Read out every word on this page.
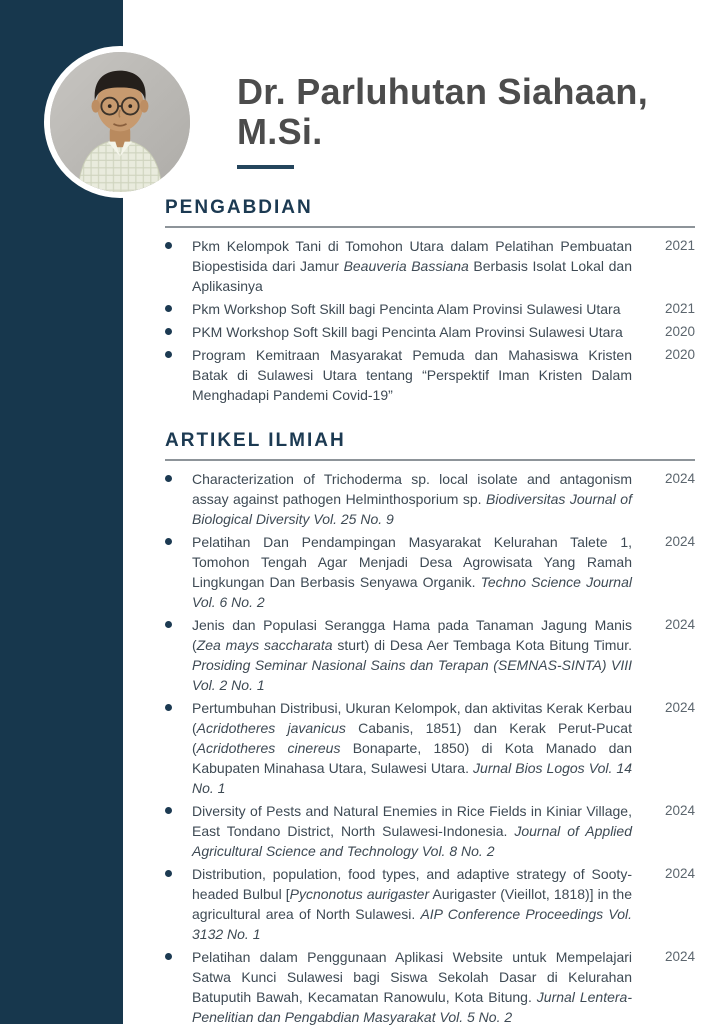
Dr. Parluhutan Siahaan,
M.Si.
PENGABDIAN
Pkm Kelompok Tani di Tomohon Utara dalam Pelatihan Pembuatan Biopestisida dari Jamur Beauveria Bassiana Berbasis Isolat Lokal dan Aplikasinya
2021
Pkm Workshop Soft Skill bagi Pencinta Alam Provinsi Sulawesi Utara	2021
PKM Workshop Soft Skill bagi Pencinta Alam Provinsi Sulawesi Utara	2020
Program Kemitraan Masyarakat Pemuda dan Mahasiswa Kristen Batak di Sulawesi Utara tentang “Perspektif Iman Kristen Dalam Menghadapi Pandemi Covid-19”
2020
ARTIKEL ILMIAH
Characterization of Trichoderma sp. local isolate and antagonism assay against pathogen Helminthosporium sp. Biodiversitas Journal of Biological Diversity Vol. 25 No. 9
2024
Pelatihan Dan Pendampingan Masyarakat Kelurahan Talete 1, Tomohon Tengah Agar Menjadi Desa Agrowisata Yang Ramah Lingkungan Dan Berbasis Senyawa Organik. Techno Science Journal Vol. 6 No. 2
2024
Jenis dan Populasi Serangga Hama pada Tanaman Jagung Manis (Zea mays saccharata sturt) di Desa Aer Tembaga Kota Bitung Timur. Prosiding Seminar Nasional Sains dan Terapan (SEMNAS-SINTA) VIII Vol. 2 No. 1
2024
Pertumbuhan Distribusi, Ukuran Kelompok, dan aktivitas Kerak Kerbau (Acridotheres javanicus Cabanis, 1851) dan Kerak Perut-Pucat (Acridotheres cinereus Bonaparte, 1850) di Kota Manado dan Kabupaten Minahasa Utara, Sulawesi Utara. Jurnal Bios Logos Vol. 14 No. 1
2024
Diversity of Pests and Natural Enemies in Rice Fields in Kiniar Village, East Tondano District, North Sulawesi-Indonesia. Journal of Applied Agricultural Science and Technology Vol. 8 No. 2
2024
Distribution, population, food types, and adaptive strategy of Sooty-headed Bulbul [Pycnonotus aurigaster Aurigaster (Vieillot, 1818)] in the agricultural area of North Sulawesi. AIP Conference Proceedings Vol. 3132 No. 1
2024
Pelatihan dalam Penggunaan Aplikasi Website untuk Mempelajari Satwa Kunci Sulawesi bagi Siswa Sekolah Dasar di Kelurahan Batuputih Bawah, Kecamatan Ranowulu, Kota Bitung. Jurnal Lentera-Penelitian dan Pengabdian Masyarakat Vol. 5 No. 2
2024
